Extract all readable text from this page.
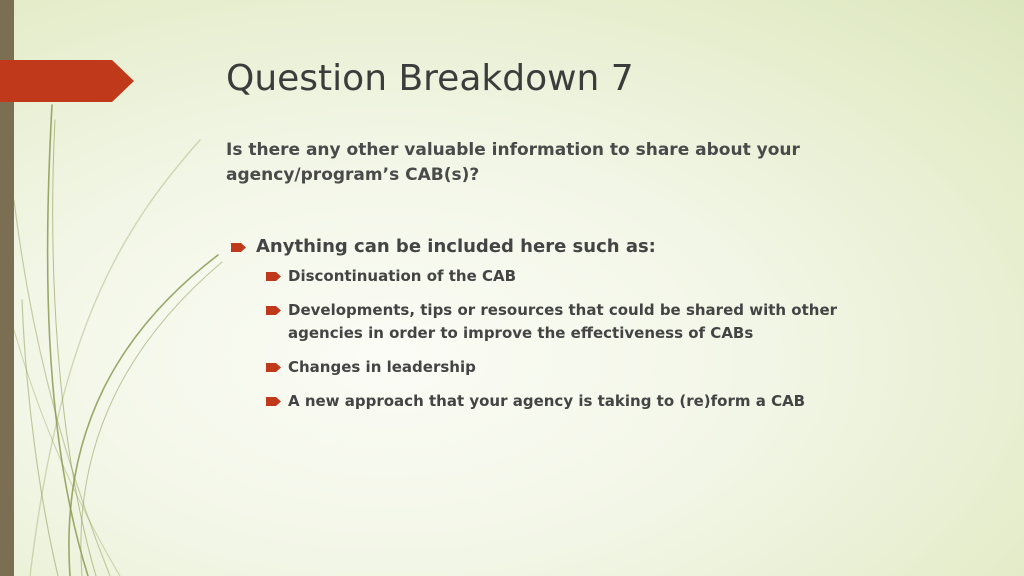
Question Breakdown 7

Is there any other valuable information to share about your agency/program’s CAB(s)?

Anything can be included here such as:
Discontinuation of the CAB
Developments, tips or resources that could be shared with other agencies in order to improve the effectiveness of CABs
Changes in leadership
A new approach that your agency is taking to (re)form a CAB
